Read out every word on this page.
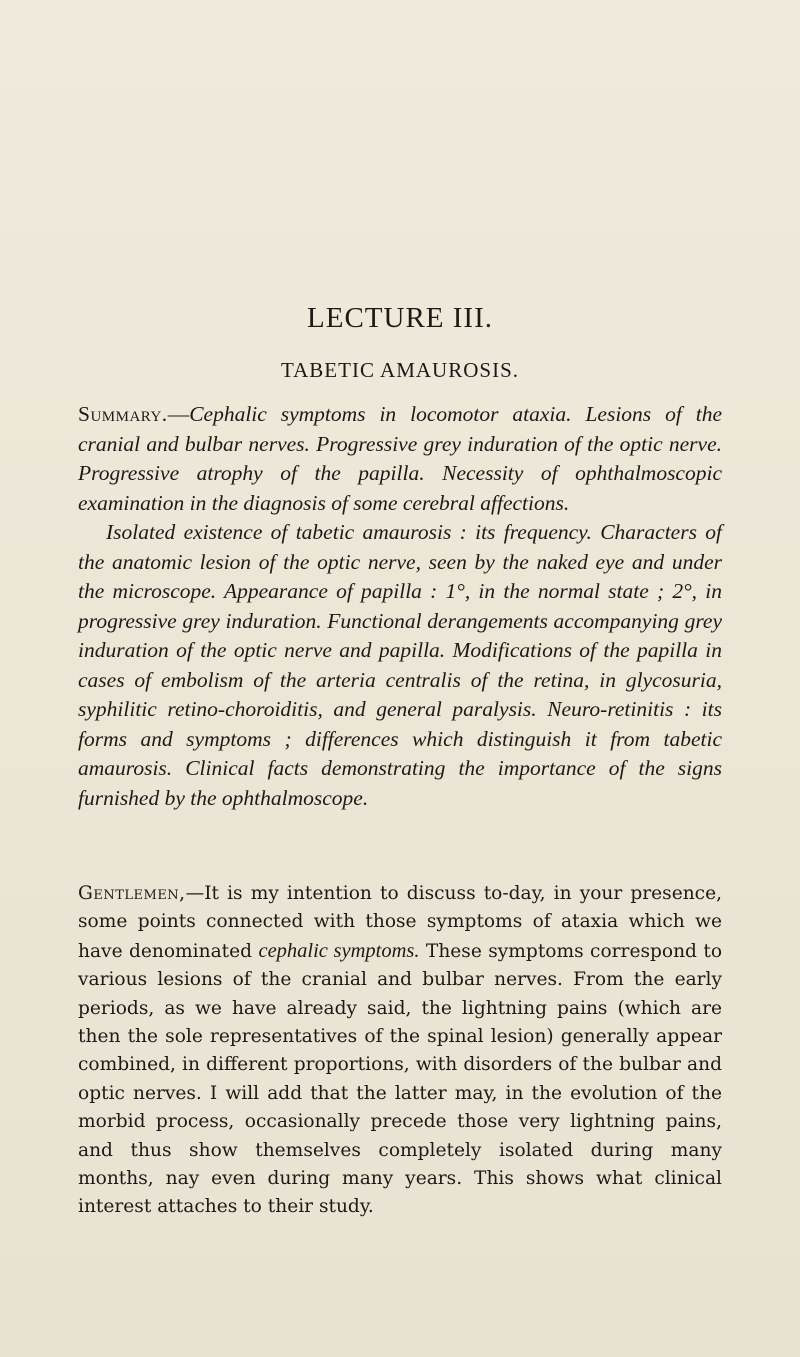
LECTURE III.
TABETIC AMAUROSIS.

Summary.—Cephalic symptoms in locomotor ataxia. Lesions of the cranial and bulbar nerves. Progressive grey induration of the optic nerve. Progressive atrophy of the papilla. Necessity of ophthalmoscopic examination in the diagnosis of some cerebral affections.

Isolated existence of tabetic amaurosis : its frequency. Characters of the anatomic lesion of the optic nerve, seen by the naked eye and under the microscope. Appearance of papilla : 1°, in the normal state ; 2°, in progressive grey induration. Functional derangements accompanying grey induration of the optic nerve and papilla. Modifications of the papilla in cases of embolism of the arteria centralis of the retina, in glycosuria, syphilitic retino-choroiditis, and general paralysis. Neuro-retinitis : its forms and symptoms ; differences which distinguish it from tabetic amaurosis. Clinical facts demonstrating the importance of the signs furnished by the ophthalmoscope.

Gentlemen,—It is my intention to discuss to-day, in your presence, some points connected with those symptoms of ataxia which we have denominated cephalic symptoms. These symptoms correspond to various lesions of the cranial and bulbar nerves. From the early periods, as we have already said, the lightning pains (which are then the sole representatives of the spinal lesion) generally appear combined, in different proportions, with disorders of the bulbar and optic nerves. I will add that the latter may, in the evolution of the morbid process, occasionally precede those very lightning pains, and thus show themselves completely isolated during many months, nay even during many years. This shows what clinical interest attaches to their study.
